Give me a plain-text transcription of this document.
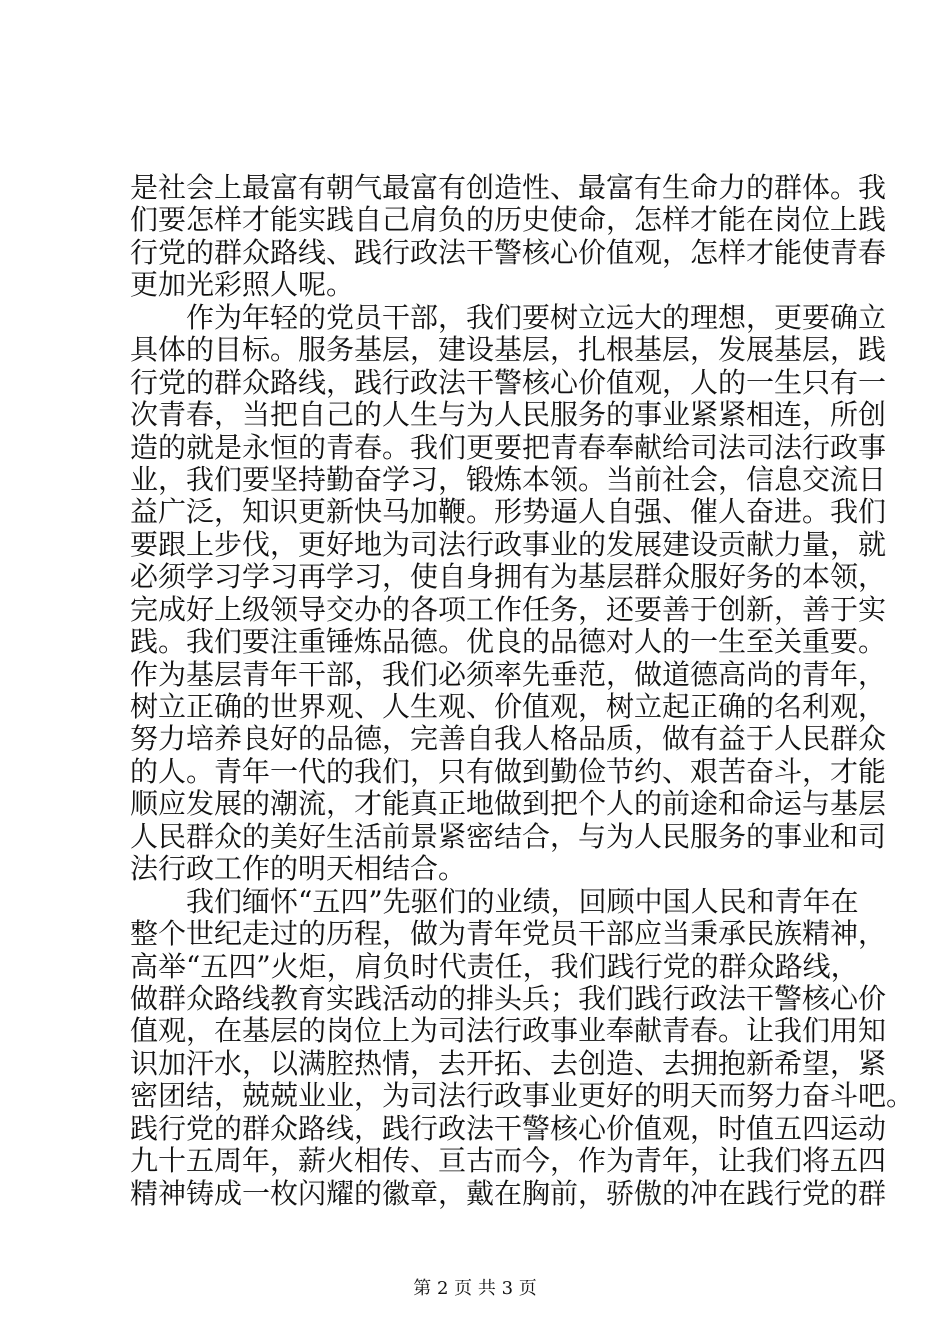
是社会上最富有朝气最富有创造性、最富有生命力的群体。我
们要怎样才能实践自己肩负的历史使命，怎样才能在岗位上践
行党的群众路线、践行政法干警核心价值观，怎样才能使青春
更加光彩照人呢。
作为年轻的党员干部，我们要树立远大的理想，更要确立
具体的目标。服务基层，建设基层，扎根基层，发展基层，践
行党的群众路线，践行政法干警核心价值观，人的一生只有一
次青春，当把自己的人生与为人民服务的事业紧紧相连，所创
造的就是永恒的青春。我们更要把青春奉献给司法司法行政事
业，我们要坚持勤奋学习，锻炼本领。当前社会，信息交流日
益广泛，知识更新快马加鞭。形势逼人自强、催人奋进。我们
要跟上步伐，更好地为司法行政事业的发展建设贡献力量，就
必须学习学习再学习，使自身拥有为基层群众服好务的本领，
完成好上级领导交办的各项工作任务，还要善于创新，善于实
践。我们要注重锤炼品德。优良的品德对人的一生至关重要。
作为基层青年干部，我们必须率先垂范，做道德高尚的青年，
树立正确的世界观、人生观、价值观，树立起正确的名利观，
努力培养良好的品德，完善自我人格品质，做有益于人民群众
的人。青年一代的我们，只有做到勤俭节约、艰苦奋斗，才能
顺应发展的潮流，才能真正地做到把个人的前途和命运与基层
人民群众的美好生活前景紧密结合，与为人民服务的事业和司
法行政工作的明天相结合。
我们缅怀“五四”先驱们的业绩，回顾中国人民和青年在
整个世纪走过的历程，做为青年党员干部应当秉承民族精神，
高举“五四”火炬，肩负时代责任，我们践行党的群众路线，
做群众路线教育实践活动的排头兵；我们践行政法干警核心价
值观，在基层的岗位上为司法行政事业奉献青春。让我们用知
识加汗水，以满腔热情，去开拓、去创造、去拥抱新希望，紧
密团结，兢兢业业，为司法行政事业更好的明天而努力奋斗吧。
践行党的群众路线，践行政法干警核心价值观，时值五四运动
九十五周年，薪火相传、亘古而今，作为青年，让我们将五四
精神铸成一枚闪耀的徽章，戴在胸前，骄傲的冲在践行党的群
第 2 页 共 3 页
